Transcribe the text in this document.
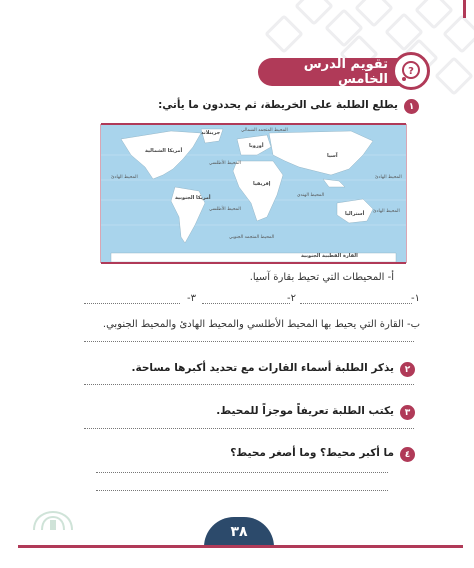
تقويم الدرس الخامس
?
١
يطلع الطلبة على الخريطة، ثم يحددون ما يأتي:
جرينلاند	المحيط المتجمد الشمالي
أمريكا الشمالية
أوروبا
آسيا
المحيط الأطلسي
المحيط الهادئ	المحيط الهادئ
إفريقيا
أمريكا الجنوبية	المحيط الهندي
المحيط الأطلسي	المحيط الهادئ
أستراليا
المحيط المتجمد الجنوبي
القارة القطبية الجنوبية
أ- المحيطات التي تحيط بقارة آسيا.
١-
٢-
٣-
ب- القارة التي يحيط بها المحيط الأطلسي والمحيط الهادئ والمحيط الجنوبي.
٢
يذكر الطلبة أسماء القارات مع تحديد أكبرها مساحة.
٣
يكتب الطلبة تعريفاً موجزاً للمحيط.
٤
ما أكبر محيط؟ وما أصغر محيط؟
٣٨
